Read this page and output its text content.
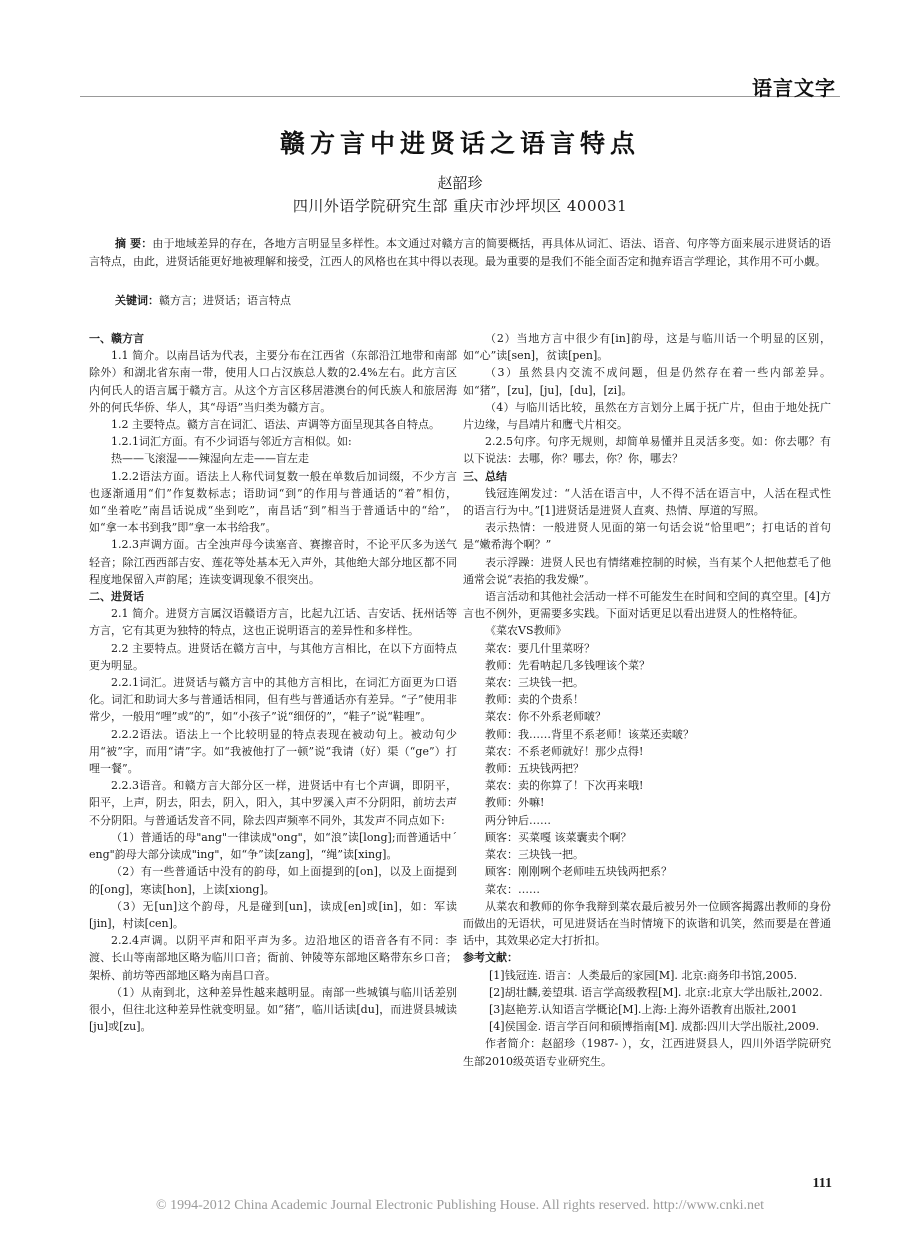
语言文字
赣方言中进贤话之语言特点
赵韶珍
四川外语学院研究生部 重庆市沙坪坝区 400031
摘 要：由于地域差异的存在，各地方言明显呈多样性。本文通过对赣方言的简要概括，再具体从词汇、语法、语音、句序等方面来展示进贤话的语言特点，由此，进贤话能更好地被理解和接受，江西人的风格也在其中得以表现。最为重要的是我们不能全面否定和抛弃语言学理论，其作用不可小觑。
关键词：赣方言；进贤话；语言特点

一、赣方言

1.1 简介。以南昌话为代表，主要分布在江西省（东部沿江地带和南部除外）和湖北省东南一带，使用人口占汉族总人数的2.4%左右。此方言区内何氏人的语言属于赣方言。从这个方言区移居港澳台的何氏族人和旅居海外的何氏华侨、华人，其“母语”当归类为赣方言。

1.2 主要特点。赣方言在词汇、语法、声调等方面呈现其各自特点。

1.2.1词汇方面。有不少词语与邻近方言相似。如:

热——飞滚湿——辣湿向左走——盲左走

1.2.2语法方面。语法上人称代词复数一般在单数后加词缀，不少方言也逐渐通用“们”作复数标志；语助词“到”的作用与普通话的“着”相仿，如“坐着吃”南昌话说成“坐到吃”，南昌话“到”相当于普通话中的“给”，如“拿一本书到我”即“拿一本书给我”。

1.2.3声调方面。古全浊声母今读塞音、赛擦音时，不论平仄多为送气轻音；除江西西部吉安、莲花等处基本无入声外，其他绝大部分地区都不同程度地保留入声韵尾；连读变调现象不很突出。

二、进贤话

2.1 简介。进贤方言属汉语赣语方言，比起九江话、吉安话、抚州话等方言，它有其更为独特的特点，这也正说明语言的差异性和多样性。

2.2 主要特点。进贤话在赣方言中，与其他方言相比，在以下方面特点更为明显。

2.2.1词汇。进贤话与赣方言中的其他方言相比，在词汇方面更为口语化。词汇和助词大多与普通话相同，但有些与普通话亦有差异。“子”使用非常少，一般用“哩”或“的”，如“小孩子”说“细伢的”，“鞋子”说“鞋哩”。

2.2.2语法。语法上一个比较明显的特点表现在被动句上。被动句少用“被”字，而用“请”字。如“我被他打了一顿”说“我请（好）渠（“ge”）打哩一餐”。

2.2.3语音。和赣方言大部分区一样，进贤话中有七个声调，即阴平，阳平，上声，阴去，阳去，阴入，阳入，其中罗溪入声不分阴阳，前坊去声不分阴阳。与普通话发音不同，除去四声频率不同外，其发声不同点如下:

（1）普通话的母"ang"一律读成"ong"，如“浪”读[long];而普通话中ˊ eng"韵母大部分读成"ing"，如“争”读[zang]，“绳”读[xing]。

（2）有一些普通话中没有的韵母，如上面提到的[on]，以及上面提到的[ong]，寒读[hon]，上读[xiong]。

（3）无[un]这个韵母，凡是碰到[un]，读成[en]或[in]，如：军读[jin]，村读[cen]。

2.2.4声调。以阴平声和阳平声为多。边沿地区的语音各有不同：李渡、长山等南部地区略为临川口音；衙前、钟陵等东部地区略带东乡口音；架桥、前坊等西部地区略为南昌口音。

（1）从南到北，这种差异性越来越明显。南部一些城镇与临川话差别很小，但往北这种差异性就变明显。如“猪”，临川话读[du]，而进贤县城读[ju]或[zu]。

（2）当地方言中很少有[in]韵母，这是与临川话一个明显的区别，如“心”读[sen]，贫读[pen]。

（3）虽然县内交流不成问题，但是仍然存在着一些内部差异。如“猪”，[zu]，[ju]，[du]，[zi]。

（4）与临川话比较，虽然在方言划分上属于抚广片，但由于地处抚广片边缘，与昌靖片和鹰弋片相交。

2.2.5句序。句序无规则，却简单易懂并且灵活多变。如：你去哪？有以下说法：去哪，你？哪去，你？你，哪去？

三、总结

钱冠连阐发过：“人活在语言中，人不得不活在语言中，人活在程式性的语言行为中。”[1]进贤话是进贤人直爽、热情、厚道的写照。

表示热情：一般进贤人见面的第一句话会说“恰里吧”；打电话的首句是“嫩希海个啊？”

表示浮躁：进贤人民也有情绪难控制的时候，当有某个人把他惹毛了他通常会说“表掐的我发燥”。

语言活动和其他社会活动一样不可能发生在时间和空间的真空里。[4]方言也不例外，更需要多实践。下面对话更足以看出进贤人的性格特征。

《菜农VS教师》

菜农：要几什里菜呀？

教师：先看呐起几多钱哩该个菜？

菜农：三块钱一把。

教师：卖的个贵系！

菜农：你不外系老师啵？

教师：我……背里不系老师！该菜还卖啵？

菜农：不系老师就好！那少点得!

教师：五块钱两把？

菜农：卖的你算了！下次再来哦!

教师：外嘛!

两分钟后……

顾客：买菜嘎 该菜囊卖个啊？

菜农：三块钱一把。

顾客：刚刚咧个老师哇五块钱两把系？

菜农：……

从菜农和教师的你争我辩到菜农最后被另外一位顾客揭露出教师的身份而做出的无语状，可见进贤话在当时情境下的诙谐和讥笑，然而要是在普通话中，其效果必定大打折扣。

参考文献：

[1]钱冠连. 语言：人类最后的家园[M]. 北京:商务印书馆,2005.

[2]胡壮麟,姜望琪. 语言学高级教程[M]. 北京:北京大学出版社,2002.

[3]赵艳芳.认知语言学概论[M].上海:上海外语教育出版社,2001

[4]侯国金. 语言学百问和硕博指南[M]. 成都:四川大学出版社,2009.

作者简介：赵韶珍（1987- ），女，江西进贤县人，四川外语学院研究生部2010级英语专业研究生。

111
© 1994-2012 China Academic Journal Electronic Publishing House. All rights reserved. http://www.cnki.net
